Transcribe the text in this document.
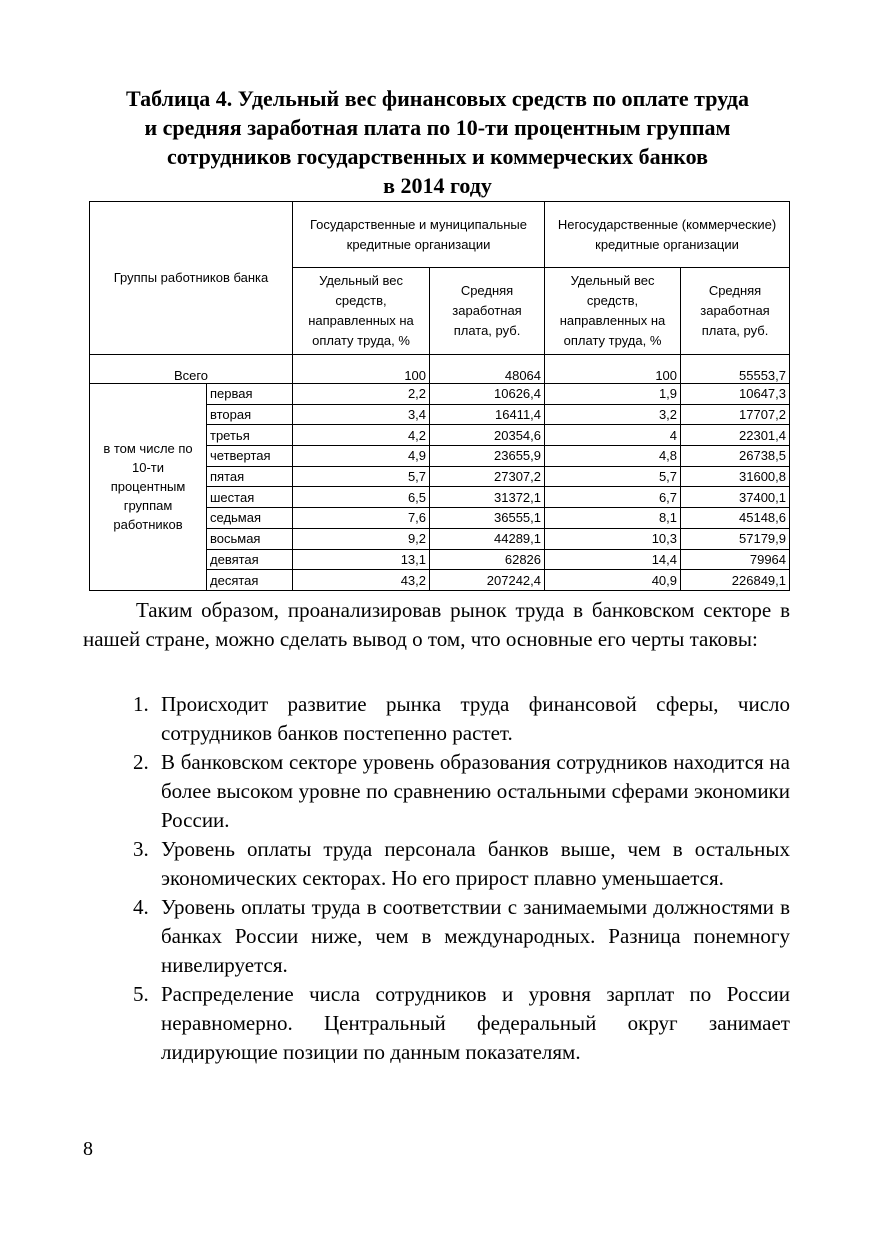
Таблица 4. Удельный вес финансовых средств по оплате труда
и средняя заработная плата по 10-ти процентным группам
сотрудников государственных и коммерческих банков
в 2014 году
Группы работников банка		Государственные и муниципальные кредитные организации		Негосударственные (коммерческие) кредитные организации	
		Удельный вес средств, направленных на оплату труда, %	Средняя заработная плата, руб.	Удельный вес средств, направленных на оплату труда, %	Средняя заработная плата, руб.
Всего		100	48064	100	55553,7
в том числе по 10-ти процентным группам работников	первая	2,2	10626,4	1,9	10647,3
	вторая	3,4	16411,4	3,2	17707,2
	третья	4,2	20354,6	4	22301,4
	четвертая	4,9	23655,9	4,8	26738,5
	пятая	5,7	27307,2	5,7	31600,8
	шестая	6,5	31372,1	6,7	37400,1
	седьмая	7,6	36555,1	8,1	45148,6
	восьмая	9,2	44289,1	10,3	57179,9
	девятая	13,1	62826	14,4	79964
	десятая	43,2	207242,4	40,9	226849,1
Таким образом, проанализировав рынок труда в банковском секторе в нашей стране, можно сделать вывод о том, что основные его черты таковы:
1. Происходит развитие рынка труда финансовой сферы, число сотрудников банков постепенно растет.
2. В банковском секторе уровень образования сотрудников находится на более высоком уровне по сравнению остальными сферами экономики России.
3. Уровень оплаты труда персонала банков выше, чем в остальных экономических секторах. Но его прирост плавно уменьшается.
4. Уровень оплаты труда в соответствии с занимаемыми должностями в банках России ниже, чем в международных. Разница понемногу нивелируется.
5. Распределение числа сотрудников и уровня зарплат по России неравномерно. Центральный федеральный округ занимает лидирующие позиции по данным показателям.
8
